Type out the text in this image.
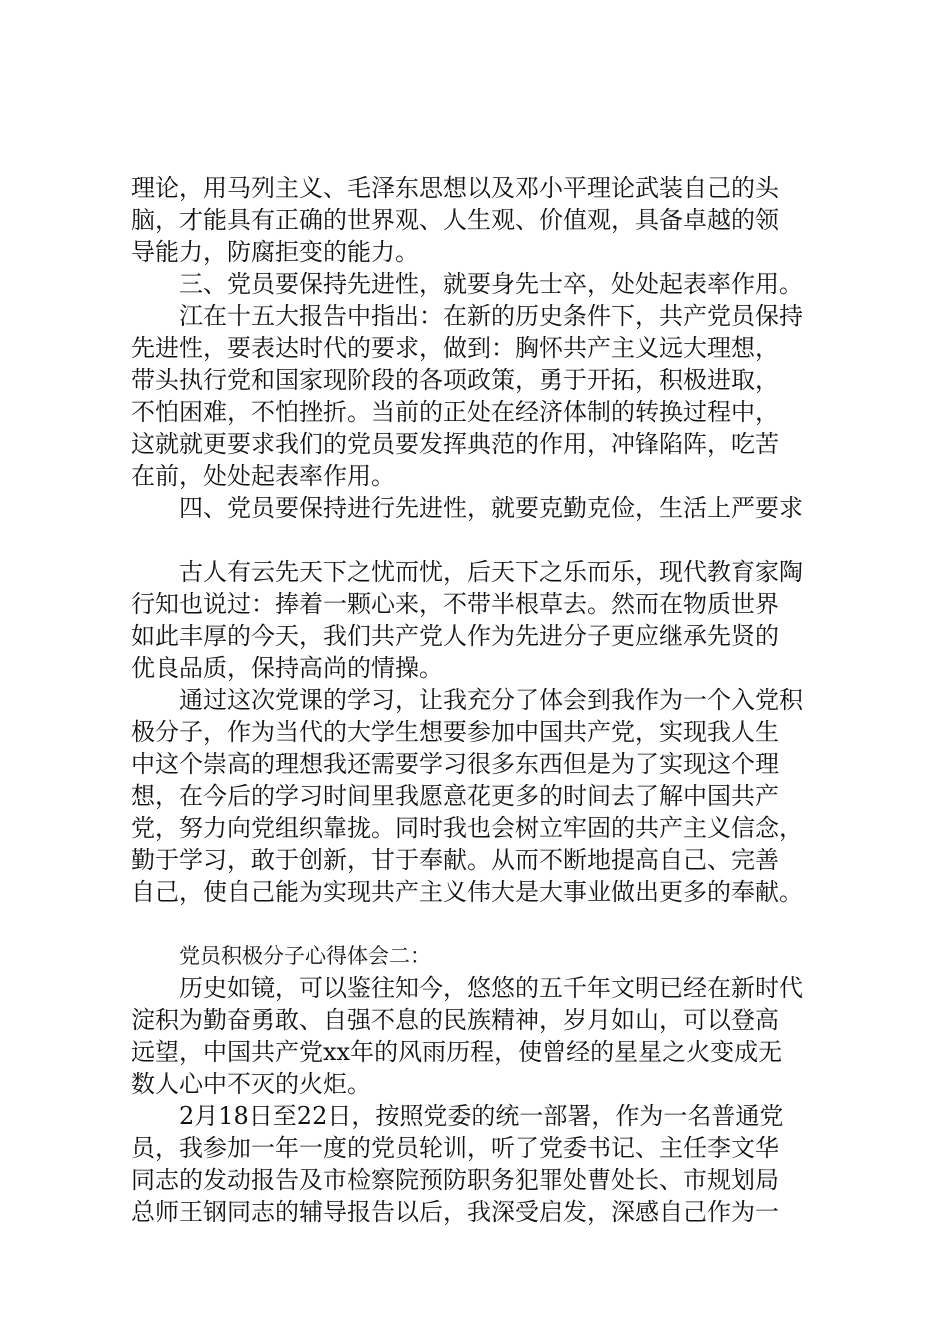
理论，用马列主义、毛泽东思想以及邓小平理论武装自己的头
脑，才能具有正确的世界观、人生观、价值观，具备卓越的领
导能力，防腐拒变的能力。
三、党员要保持先进性，就要身先士卒，处处起表率作用。
江在十五大报告中指出：在新的历史条件下，共产党员保持
先进性，要表达时代的要求，做到：胸怀共产主义远大理想，
带头执行党和国家现阶段的各项政策，勇于开拓，积极进取，
不怕困难，不怕挫折。当前的正处在经济体制的转换过程中，
这就就更要求我们的党员要发挥典范的作用，冲锋陷阵，吃苦
在前，处处起表率作用。
四、党员要保持进行先进性，就要克勤克俭，生活上严要求
古人有云先天下之忧而忧，后天下之乐而乐，现代教育家陶
行知也说过：捧着一颗心来，不带半根草去。然而在物质世界
如此丰厚的今天，我们共产党人作为先进分子更应继承先贤的
优良品质，保持高尚的情操。
通过这次党课的学习，让我充分了体会到我作为一个入党积
极分子，作为当代的大学生想要参加中国共产党，实现我人生
中这个崇高的理想我还需要学习很多东西但是为了实现这个理
想，在今后的学习时间里我愿意花更多的时间去了解中国共产
党，努力向党组织靠拢。同时我也会树立牢固的共产主义信念，
勤于学习，敢于创新，甘于奉献。从而不断地提高自己、完善
自己，使自己能为实现共产主义伟大是大事业做出更多的奉献。
党员积极分子心得体会二：
历史如镜，可以鉴往知今，悠悠的五千年文明已经在新时代
淀积为勤奋勇敢、自强不息的民族精神，岁月如山，可以登高
远望，中国共产党xx年的风雨历程，使曾经的星星之火变成无
数人心中不灭的火炬。
2月18日至22日，按照党委的统一部署，作为一名普通党
员，我参加一年一度的党员轮训，听了党委书记、主任李文华
同志的发动报告及市检察院预防职务犯罪处曹处长、市规划局
总师王钢同志的辅导报告以后，我深受启发，深感自己作为一
